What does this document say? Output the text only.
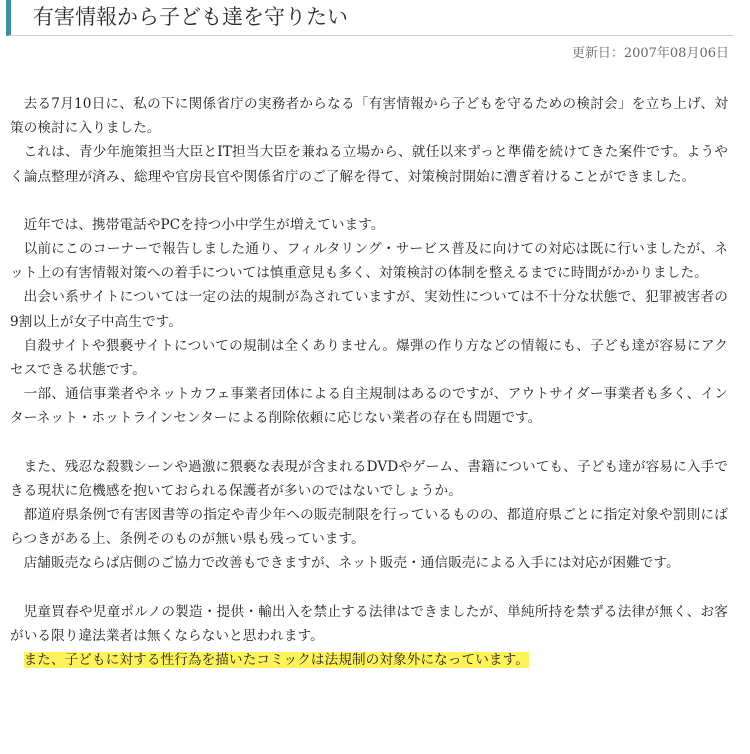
有害情報から子ども達を守りたい
更新日：2007年08月06日

去る7月10日に、私の下に関係省庁の実務者からなる「有害情報から子どもを守るための検討会」を立ち上げ、対策の検討に入りました。

これは、青少年施策担当大臣とIT担当大臣を兼ねる立場から、就任以来ずっと準備を続けてきた案件です。ようやく論点整理が済み、総理や官房長官や関係省庁のご了解を得て、対策検討開始に漕ぎ着けることができました。

近年では、携帯電話やPCを持つ小中学生が増えています。

以前にこのコーナーで報告しました通り、フィルタリング・サービス普及に向けての対応は既に行いましたが、ネット上の有害情報対策への着手については慎重意見も多く、対策検討の体制を整えるまでに時間がかかりました。

出会い系サイトについては一定の法的規制が為されていますが、実効性については不十分な状態で、犯罪被害者の9割以上が女子中高生です。

自殺サイトや猥褻サイトについての規制は全くありません。爆弾の作り方などの情報にも、子ども達が容易にアクセスできる状態です。

一部、通信事業者やネットカフェ事業者団体による自主規制はあるのですが、アウトサイダー事業者も多く、インターネット・ホットラインセンターによる削除依頼に応じない業者の存在も問題です。

また、残忍な殺戮シーンや過激に猥褻な表現が含まれるDVDやゲーム、書籍についても、子ども達が容易に入手できる現状に危機感を抱いておられる保護者が多いのではないでしょうか。

都道府県条例で有害図書等の指定や青少年への販売制限を行っているものの、都道府県ごとに指定対象や罰則にばらつきがある上、条例そのものが無い県も残っています。

店舗販売ならば店側のご協力で改善もできますが、ネット販売・通信販売による入手には対応が困難です。

児童買春や児童ポルノの製造・提供・輸出入を禁止する法律はできましたが、単純所持を禁ずる法律が無く、お客がいる限り違法業者は無くならないと思われます。

また、子どもに対する性行為を描いたコミックは法規制の対象外になっています。
